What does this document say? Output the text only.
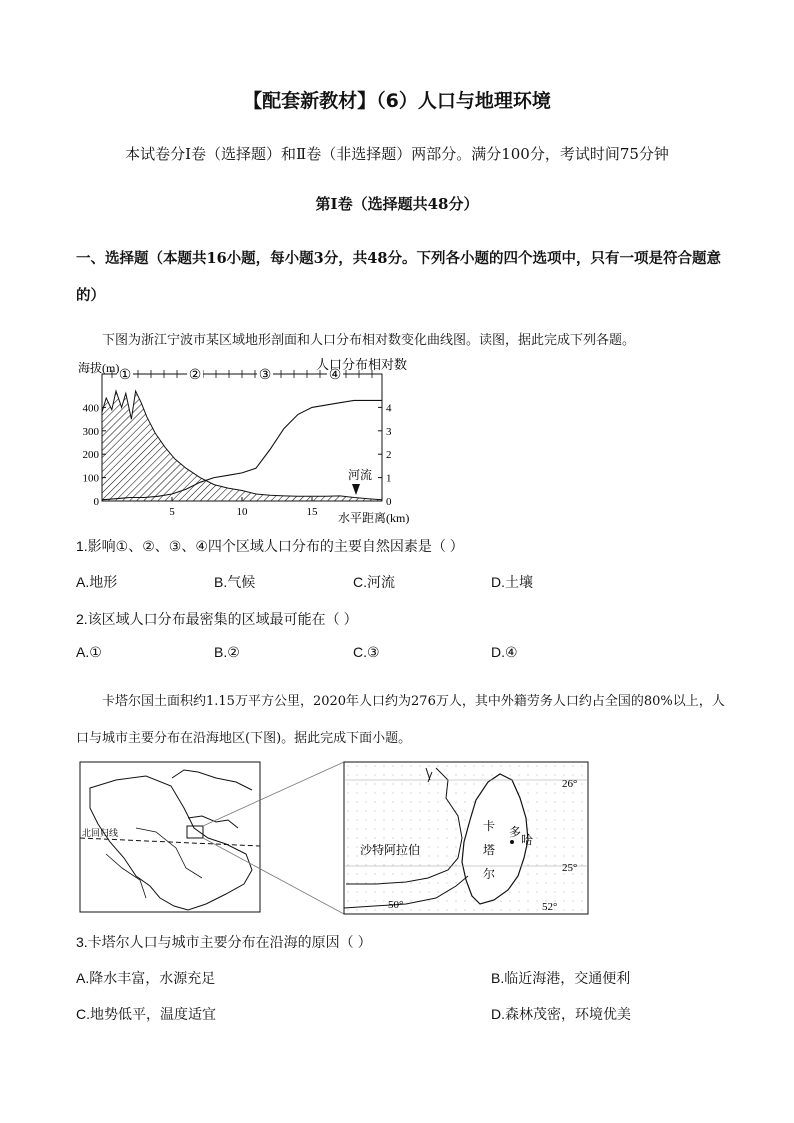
【配套新教材】（6）人口与地理环境
本试卷分Ⅰ卷（选择题）和Ⅱ卷（非选择题）两部分。满分100分，考试时间75分钟
第Ⅰ卷（选择题共48分）
一、选择题（本题共16小题，每小题3分，共48分。下列各小题的四个选项中，只有一项是符合题意的）
下图为浙江宁波市某区域地形剖面和人口分布相对数变化曲线图。读图，据此完成下列各题。
①	②	③	④
400
300
200
100
0
4
3
2
1
0
5	10	15
海拔(m)	人口分布相对数
水平距离(km)
河流
1.影响①、②、③、④四个区域人口分布的主要自然因素是（ ）
A.地形	B.气候	C.河流	D.土壤
2.该区域人口分布最密集的区域最可能在（ ）
A.①	B.②	C.③	D.④
卡塔尔国土面积约1.15万平方公里，2020年人口约为276万人，其中外籍劳务人口约占全国的80%以上，人口与城市主要分布在沿海地区(下图)。据此完成下面小题。
北回归线
沙特阿拉伯
卡
塔
尔
多
哈
26°
25°
50°	52°
3.卡塔尔人口与城市主要分布在沿海的原因（ ）
A.降水丰富，水源充足	B.临近海港，交通便利
C.地势低平，温度适宜	D.森林茂密，环境优美
